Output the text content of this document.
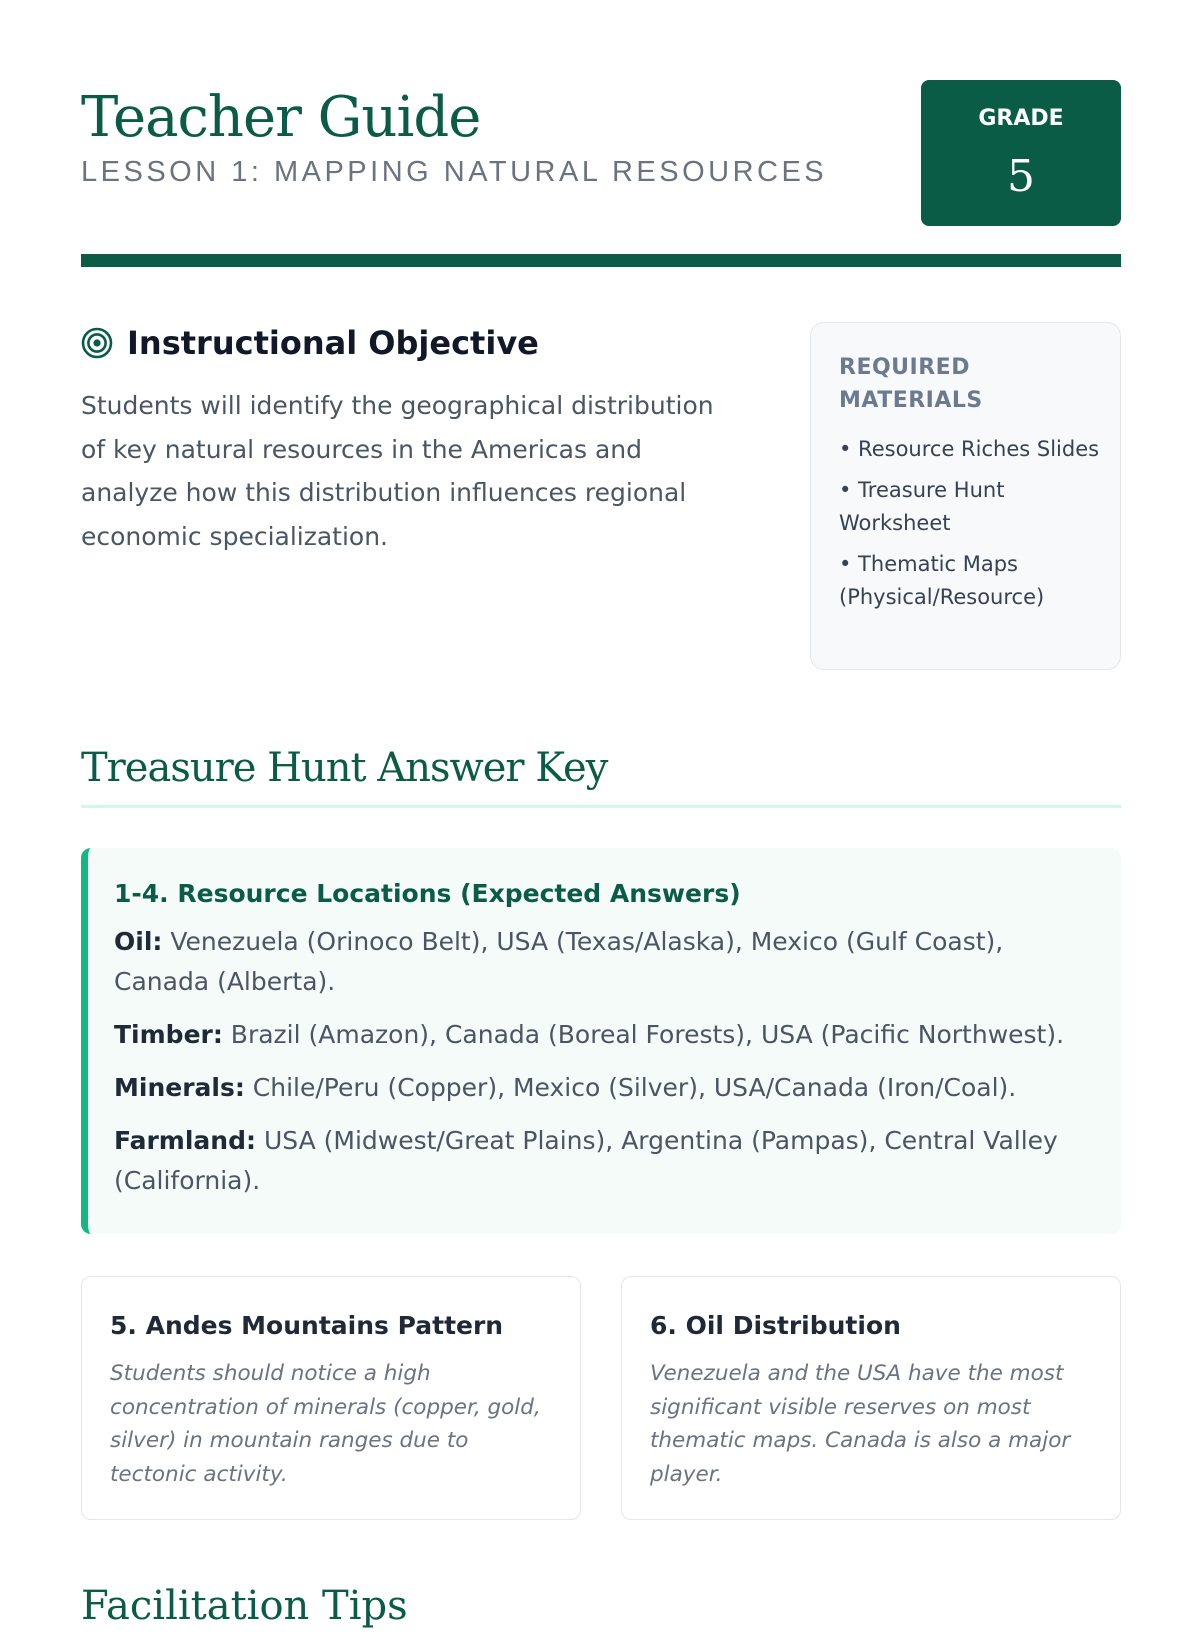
Teacher Guide
LESSON 1: MAPPING NATURAL RESOURCES
GRADE
5
Instructional Objective

Students will identify the geographical distribution of key natural resources in the Americas and analyze how this distribution influences regional economic specialization.

REQUIRED MATERIALS
• Resource Riches Slides
• Treasure Hunt Worksheet
• Thematic Maps (Physical/Resource)
Treasure Hunt Answer Key
1-4. Resource Locations (Expected Answers)

Oil: Venezuela (Orinoco Belt), USA (Texas/Alaska), Mexico (Gulf Coast), Canada (Alberta).

Timber: Brazil (Amazon), Canada (Boreal Forests), USA (Pacific Northwest).

Minerals: Chile/Peru (Copper), Mexico (Silver), USA/Canada (Iron/Coal).

Farmland: USA (Midwest/Great Plains), Argentina (Pampas), Central Valley (California).

5. Andes Mountains Pattern

Students should notice a high concentration of minerals (copper, gold, silver) in mountain ranges due to tectonic activity.

6. Oil Distribution

Venezuela and the USA have the most significant visible reserves on most thematic maps. Canada is also a major player.

Facilitation Tips
